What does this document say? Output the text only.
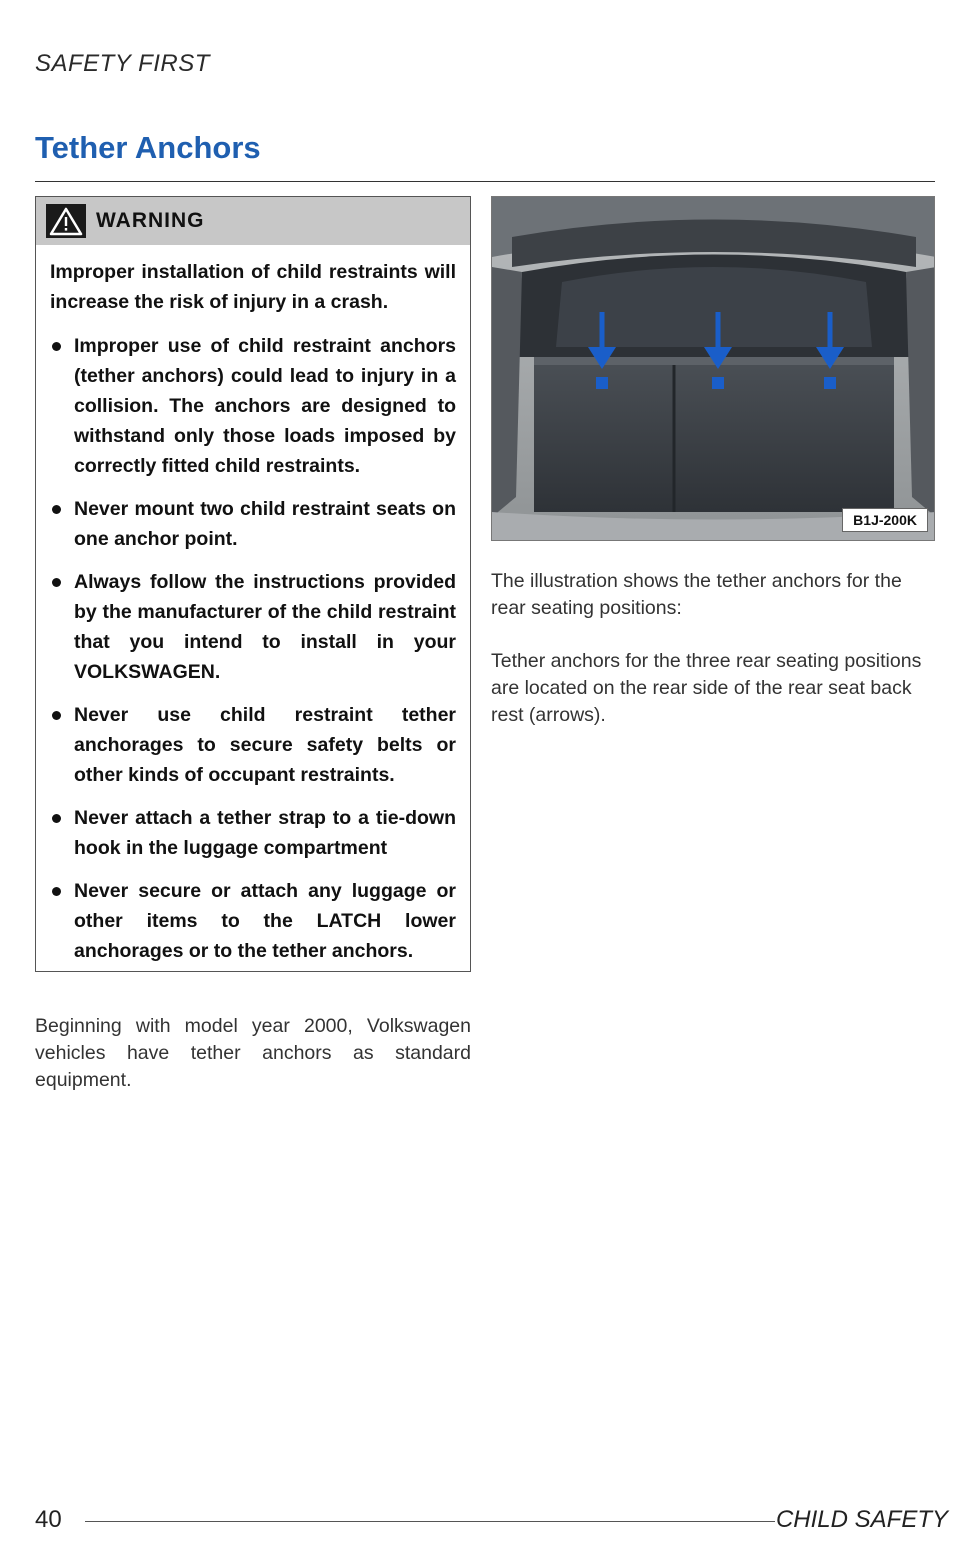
SAFETY FIRST
Tether Anchors
WARNING

Improper installation of child restraints will increase the risk of injury in a crash.

Improper use of child restraint anchors (tether anchors) could lead to injury in a collision. The anchors are designed to withstand only those loads imposed by correctly fitted child restraints.
Never mount two child restraint seats on one anchor point.
Always follow the instructions provided by the manufacturer of the child restraint that you intend to install in your VOLKSWAGEN.
Never use child restraint tether anchorages to secure safety belts or other kinds of occupant restraints.
Never attach a tether strap to a tie-down hook in the luggage compartment
Never secure or attach any luggage or other items to the LATCH lower anchorages or to the tether anchors.

Beginning with model year 2000, Volkswagen vehicles have tether anchors as standard equipment.

B1J-200K

The illustration shows the tether anchors for the rear seating positions:

Tether anchors for the three rear seating positions are located on the rear side of the rear seat back rest (arrows).

40	CHILD SAFETY
